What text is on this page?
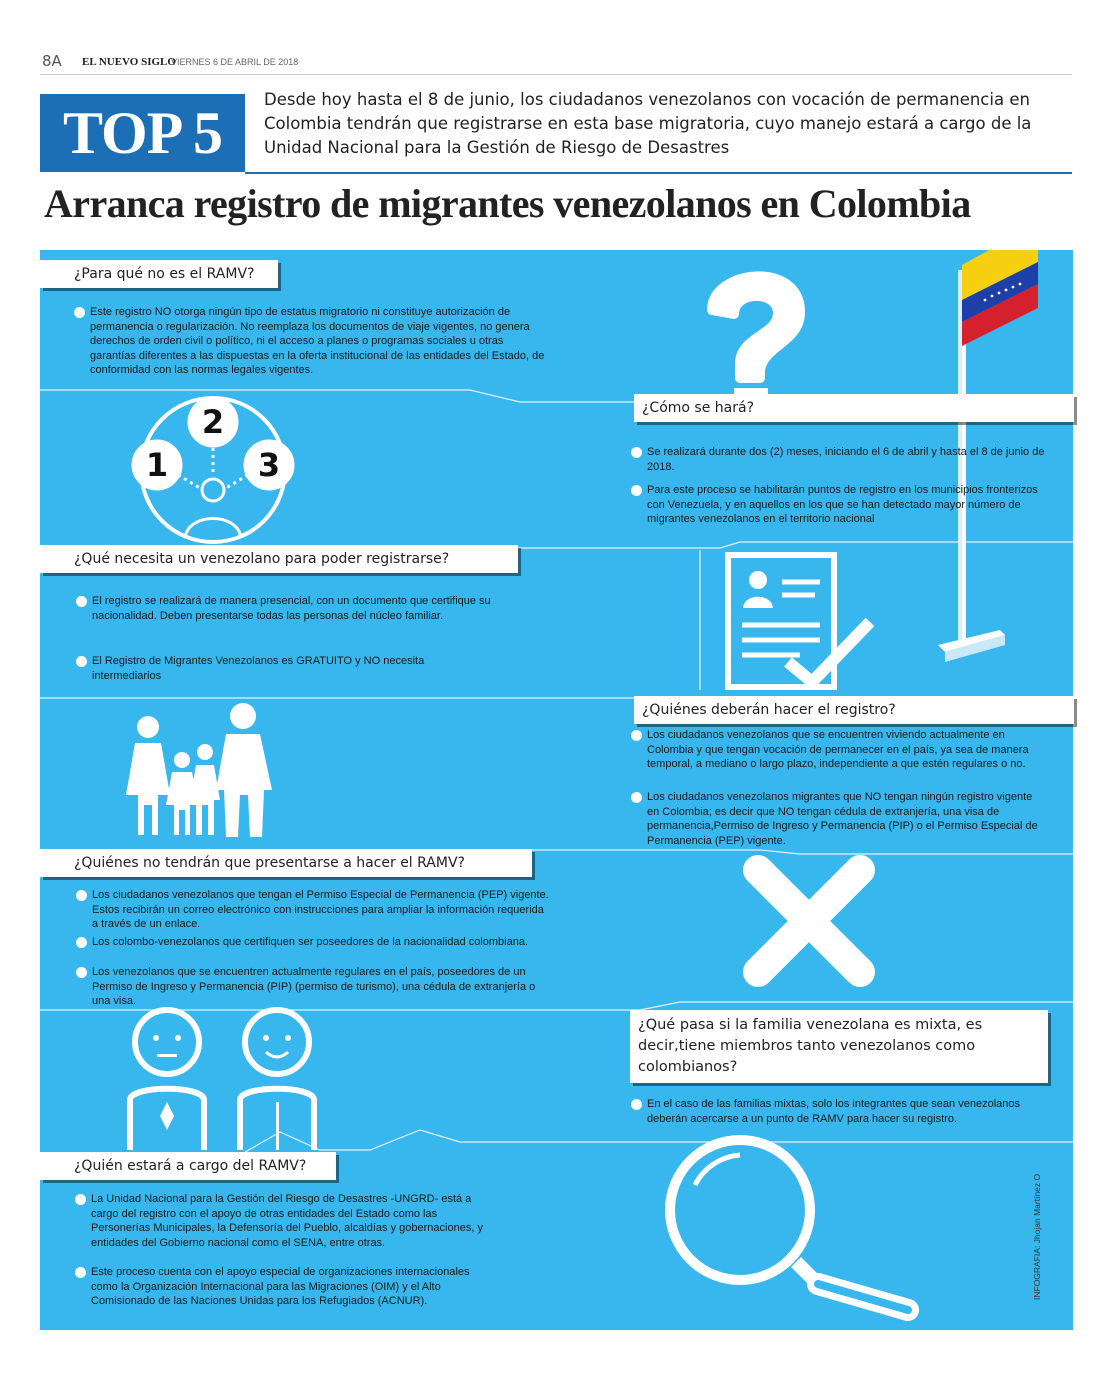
8A EL NUEVO SIGLO
VIERNES 6 DE ABRIL DE 2018
TOP 5
Desde hoy hasta el 8 de junio, los ciudadanos venezolanos con vocación de permanencia en Colombia tendrán que registrarse en esta base migratoria, cuyo manejo estará a cargo de la Unidad Nacional para la Gestión de Riesgo de Desastres
Arranca registro de migrantes venezolanos en Colombia
2
1	3
¿Para qué no es el RAMV?
Este registro NO otorga ningún tipo de estatus migratorio ni constituye autorización de permanencia o regularización. No reemplaza los documentos de viaje vigentes, no genera derechos de orden civil o político, ni el acceso a planes o programas sociales u otras garantías diferentes a las dispuestas en la oferta institucional de las entidades del Estado, de conformidad con las normas legales vigentes.
¿Cómo se hará?
Se realizará durante dos (2) meses, iniciando el 6 de abril y hasta el 8 de junio de 2018.
Para este proceso se habilitarán puntos de registro en los municipios fronterizos con Venezuela, y en aquellos en los que se han detectado mayor número de migrantes venezolanos en el territorio nacional
¿Qué necesita un venezolano para poder registrarse?
El registro se realizará de manera presencial, con un documento que certifique su nacionalidad. Deben presentarse todas las personas del núcleo familiar.
El Registro de Migrantes Venezolanos es GRATUITO y NO necesita intermediarios
¿Quiénes deberán hacer el registro?
Los ciudadanos venezolanos que se encuentren viviendo actualmente en Colombia y que tengan vocación de permanecer en el país, ya sea de manera temporal, a mediano o largo plazo, independiente a que estén regulares o no.
Los ciudadanos venezolanos migrantes que NO tengan ningún registro vigente en Colombia; es decir que NO tengan cédula de extranjería, una visa de permanencia,Permiso de Ingreso y Permanencia (PIP) o el Permiso Especial de Permanencia (PEP) vigente.
¿Quiénes no tendrán que presentarse a hacer el RAMV?
Los ciudadanos venezolanos que tengan el Permiso Especial de Permanencia (PEP) vigente. Estos recibirán un correo electrónico con instrucciones para ampliar la información requerida a través de un enlace.
Los colombo-venezolanos que certifiquen ser poseedores de la nacionalidad colombiana.
Los venezolanos que se encuentren actualmente regulares en el país, poseedores de un Permiso de Ingreso y Permanencia (PIP) (permiso de turismo), una cédula de extranjería o una visa.
¿Qué pasa si la familia venezolana es mixta, es decir,tiene miembros tanto venezolanos como colombianos?
En el caso de las familias mixtas, solo los integrantes que sean venezolanos deberán acercarse a un punto de RAMV para hacer su registro.
¿Quién estará a cargo del RAMV?
La Unidad Nacional para la Gestión del Riesgo de Desastres -UNGRD- está a cargo del registro con el apoyo de otras entidades del Estado como las Personerías Municipales, la Defensoría del Pueblo, alcaldías y gobernaciones, y entidades del Gobierno nacional como el SENA, entre otras.
Este proceso cuenta con el apoyo especial de organizaciones internacionales como la Organización Internacional para las Migraciones (OIM) y el Alto Comisionado de las Naciones Unidas para los Refugiados (ACNUR).
INFOGRAFIA: Jhojan Martínez O
